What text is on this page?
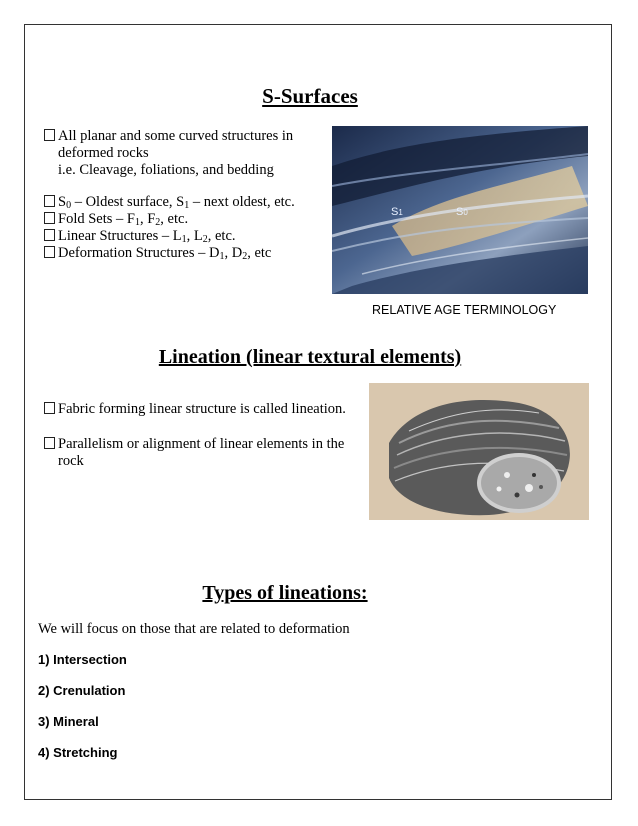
S-Surfaces
All planar and some curved structures in
deformed rocks
i.e. Cleavage, foliations, and bedding
$S_0$ – Oldest surface, $S_1$ – next oldest, etc.
Fold Sets – $F_1$, $F_2$, etc.
Linear Structures – $L_1$, $L_2$, etc.
Deformation Structures – $D_1$, $D_2$, etc
S1	S0
RELATIVE AGE TERMINOLOGY
Lineation (linear textural elements)
Fabric forming linear structure is called lineation.
Parallelism or alignment of linear elements in the
rock
Types of lineations:
We will focus on those that are related to deformation
1) Intersection
2) Crenulation
3) Mineral
4) Stretching
